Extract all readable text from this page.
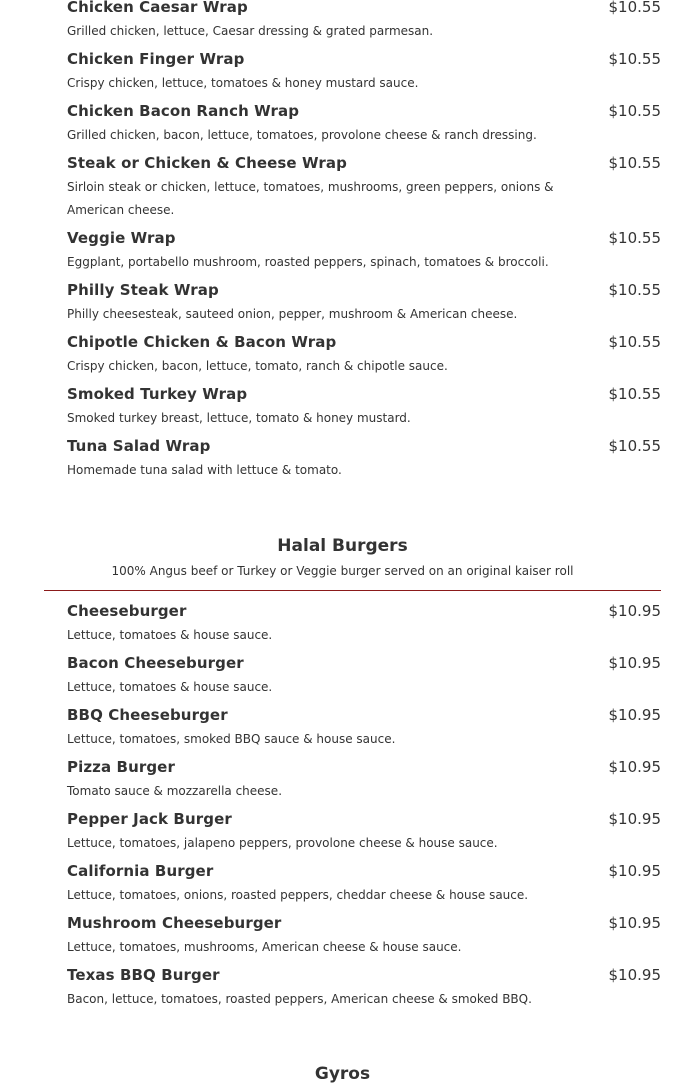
Chicken Caesar Wrap	$10.55
Grilled chicken, lettuce, Caesar dressing & grated parmesan.
Chicken Finger Wrap	$10.55
Crispy chicken, lettuce, tomatoes & honey mustard sauce.
Chicken Bacon Ranch Wrap	$10.55
Grilled chicken, bacon, lettuce, tomatoes, provolone cheese & ranch dressing.
Steak or Chicken & Cheese Wrap	$10.55
Sirloin steak or chicken, lettuce, tomatoes, mushrooms, green peppers, onions & American cheese.
Veggie Wrap	$10.55
Eggplant, portabello mushroom, roasted peppers, spinach, tomatoes & broccoli.
Philly Steak Wrap	$10.55
Philly cheesesteak, sauteed onion, pepper, mushroom & American cheese.
Chipotle Chicken & Bacon Wrap	$10.55
Crispy chicken, bacon, lettuce, tomato, ranch & chipotle sauce.
Smoked Turkey Wrap	$10.55
Smoked turkey breast, lettuce, tomato & honey mustard.
Tuna Salad Wrap	$10.55
Homemade tuna salad with lettuce & tomato.
Halal Burgers
100% Angus beef or Turkey or Veggie burger served on an original kaiser roll
Cheeseburger	$10.95
Lettuce, tomatoes & house sauce.
Bacon Cheeseburger	$10.95
Lettuce, tomatoes & house sauce.
BBQ Cheeseburger	$10.95
Lettuce, tomatoes, smoked BBQ sauce & house sauce.
Pizza Burger	$10.95
Tomato sauce & mozzarella cheese.
Pepper Jack Burger	$10.95
Lettuce, tomatoes, jalapeno peppers, provolone cheese & house sauce.
California Burger	$10.95
Lettuce, tomatoes, onions, roasted peppers, cheddar cheese & house sauce.
Mushroom Cheeseburger	$10.95
Lettuce, tomatoes, mushrooms, American cheese & house sauce.
Texas BBQ Burger	$10.95
Bacon, lettuce, tomatoes, roasted peppers, American cheese & smoked BBQ.
Gyros
